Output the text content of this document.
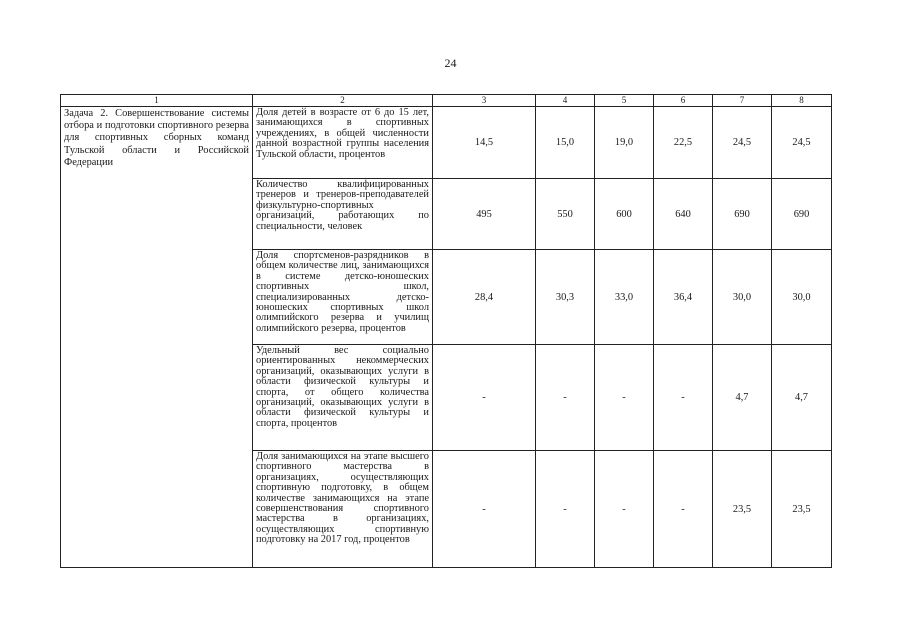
24
1	2	3	4	5	6	7	8
Задача 2. Совершенствование системы отбора и подготовки спортивного резерва для спортивных сборных команд Тульской области и Российской Федерации	Доля детей в возрасте от 6 до 15 лет, занимающихся в спортивных учреждениях, в общей численности данной возрастной группы населения Тульской области, процентов	14,5	15,0	19,0	22,5	24,5	24,5
	Количество квалифицированных тренеров и тренеров-преподавателей физкультурно-спортивных организаций, работающих по специальности, человек	495	550	600	640	690	690
	Доля спортсменов-разрядников в общем количестве лиц, занимающихся в системе детско-юношеских спортивных школ, специализированных детско-юношеских спортивных школ олимпийского резерва и училищ олимпийского резерва, процентов	28,4	30,3	33,0	36,4	30,0	30,0
	Удельный вес социально ориентированных некоммерческих организаций, оказывающих услуги в области физической культуры и спорта, от общего количества организаций, оказывающих услуги в области физической культуры и спорта, процентов	-	-	-	-	4,7	4,7
	Доля занимающихся на этапе высшего спортивного мастерства в организациях, осуществляющих спортивную подготовку, в общем количестве занимающихся на этапе совершенствования спортивного мастерства в организациях, осуществляющих спортивную подготовку на 2017 год, процентов	-	-	-	-	23,5	23,5
